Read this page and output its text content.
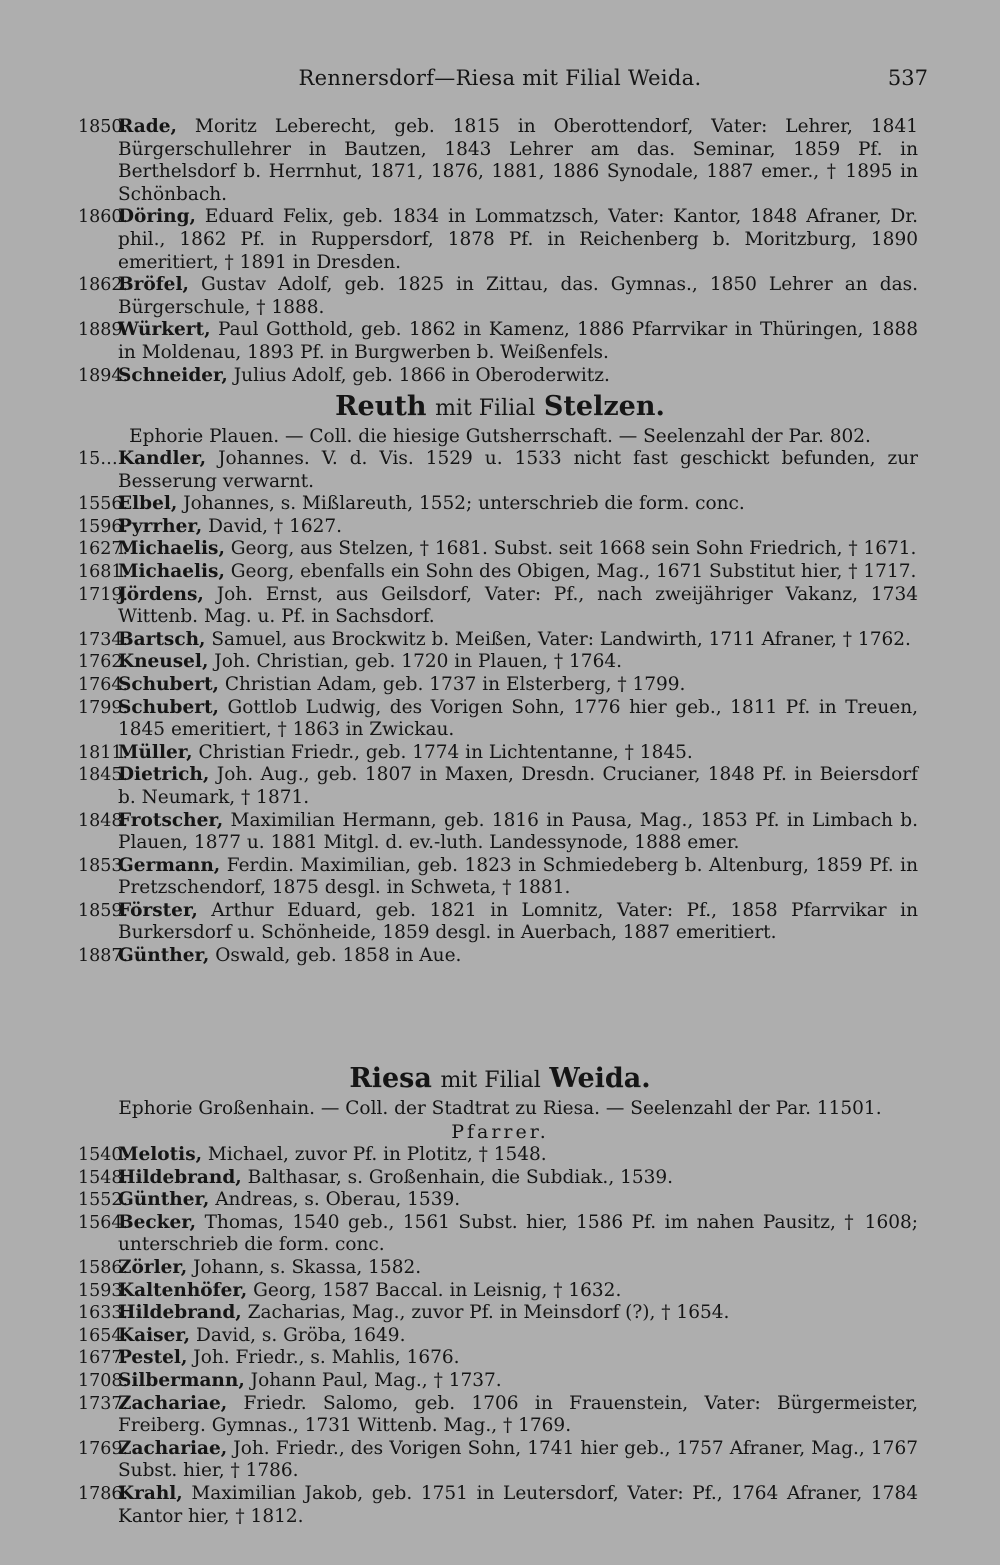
Rennersdorf—Riesa mit Filial Weida.	537
1850.
Rade, Moritz Leberecht, geb. 1815 in Oberottendorf, Vater: Lehrer, 1841 Bürgerschullehrer in Bautzen, 1843 Lehrer am das. Seminar, 1859 Pf. in Berthelsdorf b. Herrnhut, 1871, 1876, 1881, 1886 Synodale, 1887 emer., † 1895 in Schönbach.
1860.
Döring, Eduard Felix, geb. 1834 in Lommatzsch, Vater: Kantor, 1848 Afraner, Dr. phil., 1862 Pf. in Ruppersdorf, 1878 Pf. in Reichenberg b. Moritzburg, 1890 emeritiert, † 1891 in Dresden.
1862.
Bröfel, Gustav Adolf, geb. 1825 in Zittau, das. Gymnas., 1850 Lehrer an das. Bürgerschule, † 1888.
1889.
Würkert, Paul Gotthold, geb. 1862 in Kamenz, 1886 Pfarrvikar in Thüringen, 1888 in Moldenau, 1893 Pf. in Burgwerben b. Weißenfels.
1894.
Schneider, Julius Adolf, geb. 1866 in Oberoderwitz.
Reuth mit Filial Stelzen.
Ephorie Plauen. — Coll. die hiesige Gutsherrschaft. — Seelenzahl der Par. 802.
15… Kandler, Johannes. V. d. Vis. 1529 u. 1533 nicht fast geschickt befunden, zur Besserung verwarnt.
1556.
Elbel, Johannes, s. Mißlareuth, 1552; unterschrieb die form. conc.
1596.
Pyrrher, David, † 1627.
1627.
Michaelis, Georg, aus Stelzen, † 1681. Subst. seit 1668 sein Sohn Friedrich, † 1671.
1681.
Michaelis, Georg, ebenfalls ein Sohn des Obigen, Mag., 1671 Substitut hier, † 1717.
1719.
Jördens, Joh. Ernst, aus Geilsdorf, Vater: Pf., nach zweijähriger Vakanz, 1734 Wittenb. Mag. u. Pf. in Sachsdorf.
1734.
Bartsch, Samuel, aus Brockwitz b. Meißen, Vater: Landwirth, 1711 Afraner, † 1762.
1762.
Kneusel, Joh. Christian, geb. 1720 in Plauen, † 1764.
1764.
Schubert, Christian Adam, geb. 1737 in Elsterberg, † 1799.
1799.
Schubert, Gottlob Ludwig, des Vorigen Sohn, 1776 hier geb., 1811 Pf. in Treuen, 1845 emeritiert, † 1863 in Zwickau.
1811.
Müller, Christian Friedr., geb. 1774 in Lichtentanne, † 1845.
1845.
Dietrich, Joh. Aug., geb. 1807 in Maxen, Dresdn. Crucianer, 1848 Pf. in Beiersdorf b. Neumark, † 1871.
1848.
Frotscher, Maximilian Hermann, geb. 1816 in Pausa, Mag., 1853 Pf. in Limbach b. Plauen, 1877 u. 1881 Mitgl. d. ev.-luth. Landessynode, 1888 emer.
1853.
Germann, Ferdin. Maximilian, geb. 1823 in Schmiedeberg b. Altenburg, 1859 Pf. in Pretzschendorf, 1875 desgl. in Schweta, † 1881.
1859.
Förster, Arthur Eduard, geb. 1821 in Lomnitz, Vater: Pf., 1858 Pfarrvikar in Burkersdorf u. Schönheide, 1859 desgl. in Auerbach, 1887 emeritiert.
1887.
Günther, Oswald, geb. 1858 in Aue.
Riesa mit Filial Weida.
Ephorie Großenhain. — Coll. der Stadtrat zu Riesa. — Seelenzahl der Par. 11501.
Pfarrer.
1540.
Melotis, Michael, zuvor Pf. in Plotitz, † 1548.
1548.
Hildebrand, Balthasar, s. Großenhain, die Subdiak., 1539.
1552.
Günther, Andreas, s. Oberau, 1539.
1564.
Becker, Thomas, 1540 geb., 1561 Subst. hier, 1586 Pf. im nahen Pausitz, † 1608; unterschrieb die form. conc.
1586.
Zörler, Johann, s. Skassa, 1582.
1593.
Kaltenhöfer, Georg, 1587 Baccal. in Leisnig, † 1632.
1633.
Hildebrand, Zacharias, Mag., zuvor Pf. in Meinsdorf (?), † 1654.
1654.
Kaiser, David, s. Gröba, 1649.
1677.
Pestel, Joh. Friedr., s. Mahlis, 1676.
1708.
Silbermann, Johann Paul, Mag., † 1737.
1737.
Zachariae, Friedr. Salomo, geb. 1706 in Frauenstein, Vater: Bürgermeister, Freiberg. Gymnas., 1731 Wittenb. Mag., † 1769.
1769.
Zachariae, Joh. Friedr., des Vorigen Sohn, 1741 hier geb., 1757 Afraner, Mag., 1767 Subst. hier, † 1786.
1786.
Krahl, Maximilian Jakob, geb. 1751 in Leutersdorf, Vater: Pf., 1764 Afraner, 1784 Kantor hier, † 1812.
